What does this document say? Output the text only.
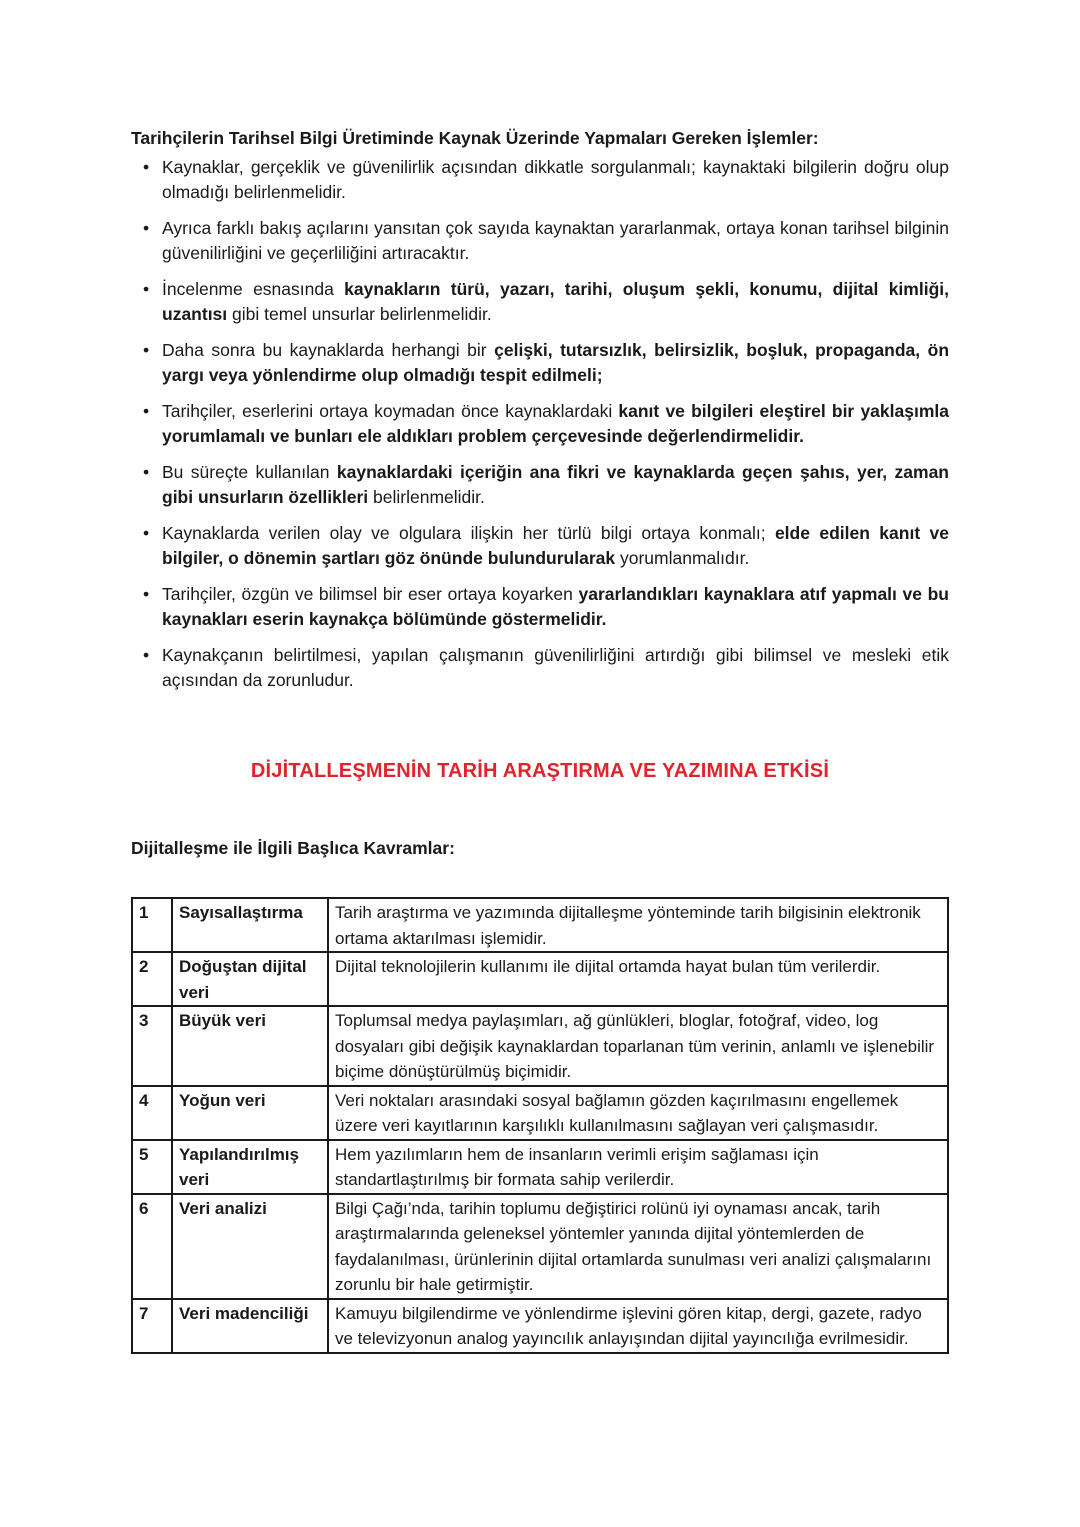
Tarihçilerin Tarihsel Bilgi Üretiminde Kaynak Üzerinde Yapmaları Gereken İşlemler:
• Kaynaklar, gerçeklik ve güvenilirlik açısından dikkatle sorgulanmalı; kaynaktaki bilgilerin doğru olup olmadığı belirlenmelidir.
• Ayrıca farklı bakış açılarını yansıtan çok sayıda kaynaktan yararlanmak, ortaya konan tarihsel bilginin güvenilirliğini ve geçerliliğini artıracaktır.
• İncelenme esnasında kaynakların türü, yazarı, tarihi, oluşum şekli, konumu, dijital kimliği, uzantısı gibi temel unsurlar belirlenmelidir.
• Daha sonra bu kaynaklarda herhangi bir çelişki, tutarsızlık, belirsizlik, boşluk, propaganda, ön yargı veya yönlendirme olup olmadığı tespit edilmeli;
• Tarihçiler, eserlerini ortaya koymadan önce kaynaklardaki kanıt ve bilgileri eleştirel bir yaklaşımla yorumlamalı ve bunları ele aldıkları problem çerçevesinde değerlendirmelidir.
• Bu süreçte kullanılan kaynaklardaki içeriğin ana fikri ve kaynaklarda geçen şahıs, yer, zaman gibi unsurların özellikleri belirlenmelidir.
• Kaynaklarda verilen olay ve olgulara ilişkin her türlü bilgi ortaya konmalı; elde edilen kanıt ve bilgiler, o dönemin şartları göz önünde bulundurularak yorumlanmalıdır.
• Tarihçiler, özgün ve bilimsel bir eser ortaya koyarken yararlandıkları kaynaklara atıf yapmalı ve bu kaynakları eserin kaynakça bölümünde göstermelidir.
• Kaynakçanın belirtilmesi, yapılan çalışmanın güvenilirliğini artırdığı gibi bilimsel ve mesleki etik açısından da zorunludur.
DİJİTALLEŞMENİN TARİH ARAŞTIRMA VE YAZIMINA ETKİSİ
Dijitalleşme ile İlgili Başlıca Kavramlar:
1	Sayısallaştırma	Tarih araştırma ve yazımında dijitalleşme yönteminde tarih bilgisinin elektronik ortama aktarılması işlemidir.
2	Doğuştan dijital veri	Dijital teknolojilerin kullanımı ile dijital ortamda hayat bulan tüm verilerdir.
3	Büyük veri	Toplumsal medya paylaşımları, ağ günlükleri, bloglar, fotoğraf, video, log dosyaları gibi değişik kaynaklardan toparlanan tüm verinin, anlamlı ve işlenebilir biçime dönüştürülmüş biçimidir.
4	Yoğun veri	Veri noktaları arasındaki sosyal bağlamın gözden kaçırılmasını engellemek üzere veri kayıtlarının karşılıklı kullanılmasını sağlayan veri çalışmasıdır.
5	Yapılandırılmış veri	Hem yazılımların hem de insanların verimli erişim sağlaması için standartlaştırılmış bir formata sahip verilerdir.
6	Veri analizi	Bilgi Çağı’nda, tarihin toplumu değiştirici rolünü iyi oynaması ancak, tarih araştırmalarında geleneksel yöntemler yanında dijital yöntemlerden de faydalanılması, ürünlerinin dijital ortamlarda sunulması veri analizi çalışmalarını zorunlu bir hale getirmiştir.
7	Veri madenciliği	Kamuyu bilgilendirme ve yönlendirme işlevini gören kitap, dergi, gazete, radyo ve televizyonun analog yayıncılık anlayışından dijital yayıncılığa evrilmesidir.
